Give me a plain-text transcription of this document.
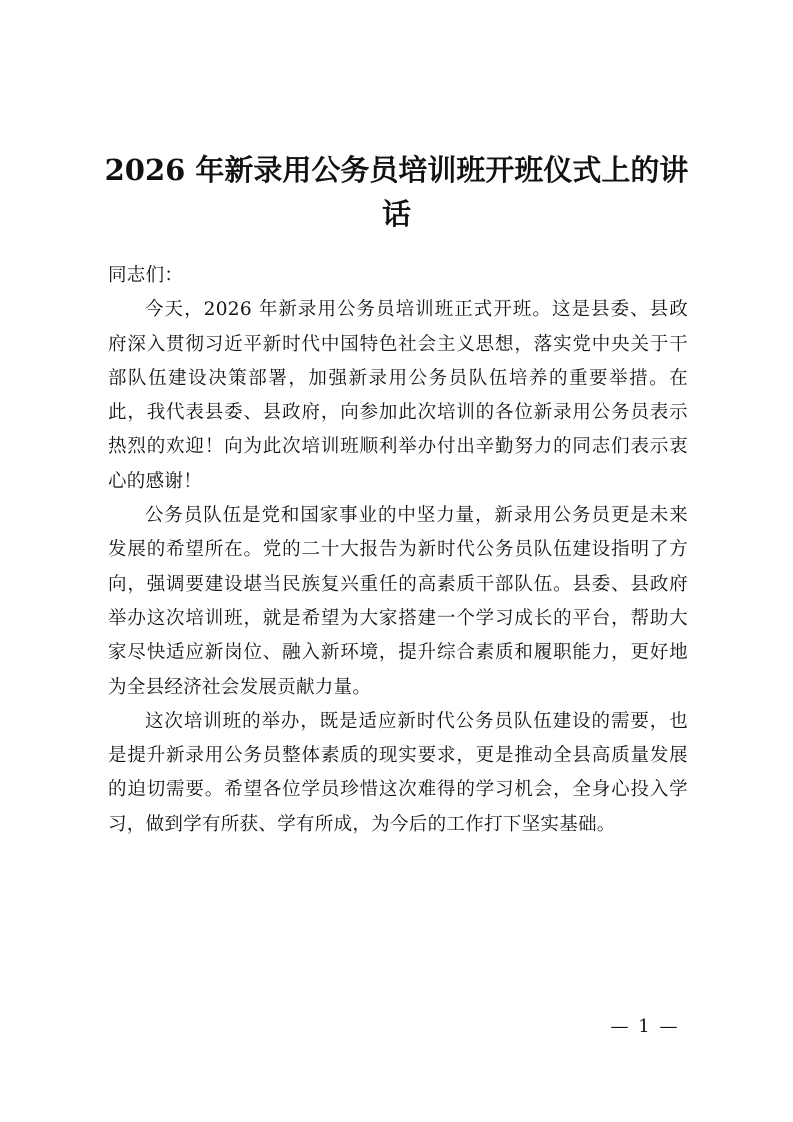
2026 年新录用公务员培训班开班仪式上的讲话

同志们：

今天，2026 年新录用公务员培训班正式开班。这是县委、县政府深入贯彻习近平新时代中国特色社会主义思想，落实党中央关于干部队伍建设决策部署，加强新录用公务员队伍培养的重要举措。在此，我代表县委、县政府，向参加此次培训的各位新录用公务员表示热烈的欢迎！向为此次培训班顺利举办付出辛勤努力的同志们表示衷心的感谢！

公务员队伍是党和国家事业的中坚力量，新录用公务员更是未来发展的希望所在。党的二十大报告为新时代公务员队伍建设指明了方向，强调要建设堪当民族复兴重任的高素质干部队伍。县委、县政府举办这次培训班，就是希望为大家搭建一个学习成长的平台，帮助大家尽快适应新岗位、融入新环境，提升综合素质和履职能力，更好地为全县经济社会发展贡献力量。

这次培训班的举办，既是适应新时代公务员队伍建设的需要，也是提升新录用公务员整体素质的现实要求，更是推动全县高质量发展的迫切需要。希望各位学员珍惜这次难得的学习机会，全身心投入学习，做到学有所获、学有所成，为今后的工作打下坚实基础。

— 1 —
